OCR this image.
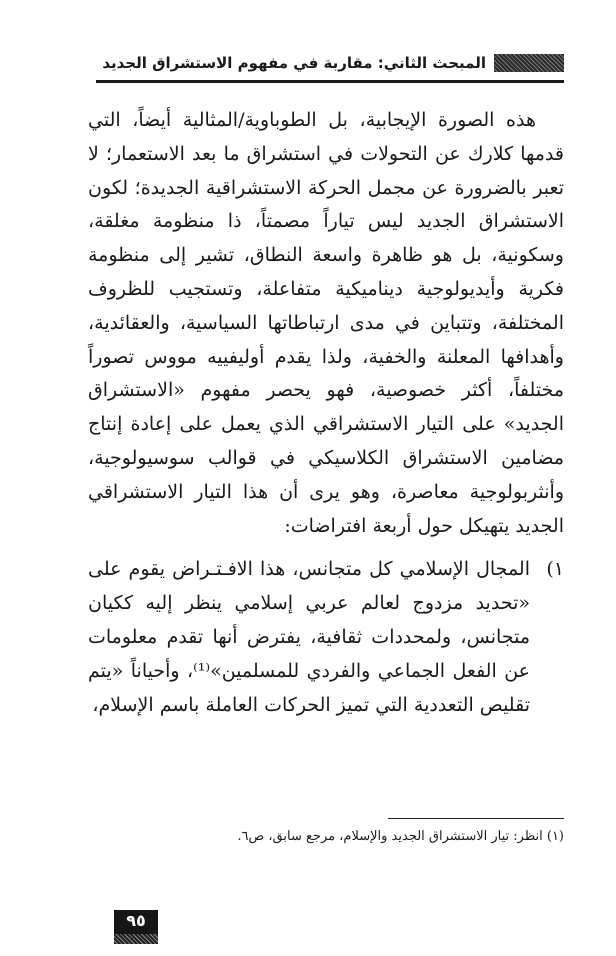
المبحث الثاني: مقاربة في مفهوم الاستشراق الجديد

هذه الصورة الإيجابية، بل الطوباوية/المثالية أيضاً، التي قدمها كلارك عن التحولات في استشراق ما بعد الاستعمار؛ لا تعبر بالضرورة عن مجمل الحركة الاستشراقية الجديدة؛ لكون الاستشراق الجديد ليس تياراً مصمتاً، ذا منظومة مغلقة، وسكونية، بل هو ظاهرة واسعة النطاق، تشير إلى منظومة فكرية وأيديولوجية ديناميكية متفاعلة، وتستجيب للظروف المختلفة، وتتباين في مدى ارتباطاتها السياسية، والعقائدية، وأهدافها المعلنة والخفية، ولذا يقدم أوليفييه مووس تصوراً مختلفاً، أكثر خصوصية، فهو يحصر مفهوم «الاستشراق الجديد» على التيار الاستشراقي الذي يعمل على إعادة إنتاج مضامين الاستشراق الكلاسيكي في قوالب سوسيولوجية، وأنثربولوجية معاصرة، وهو يرى أن هذا التيار الاستشراقي الجديد يتهيكل حول أربعة افتراضات:

١)
المجال الإسلامي كل متجانس، هذا الافـتـراض يقوم على «تحديد مزدوج لعالم عربي إسلامي ينظر إليه ككيان متجانس، ولمحددات ثقافية، يفترض أنها تقدم معلومات عن الفعل الجماعي والفردي للمسلمين»⁽¹⁾، وأحياناً «يتم تقليص التعددية التي تميز الحركات العاملة باسم الإسلام،
(١) انظر: تيار الاستشراق الجديد والإسلام، مرجع سابق، ص٦.
٩٥
